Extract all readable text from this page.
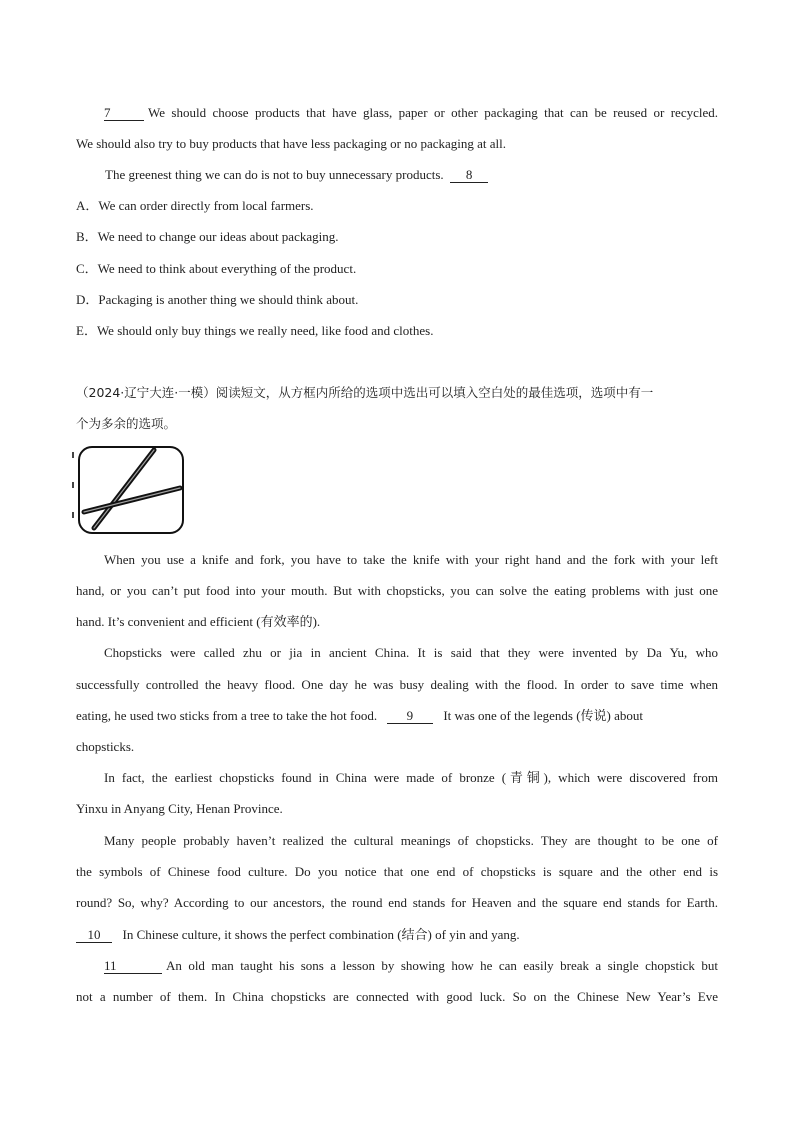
7	We should choose products that have glass, paper or other packaging that can be reused or recycled.
We should also try to buy products that have less packaging or no packaging at all.
The greenest thing we can do is not to buy unnecessary products. 8
A．We can order directly from local farmers.
B．We need to change our ideas about packaging.
C．We need to think about everything of the product.
D．Packaging is another thing we should think about.
E．We should only buy things we really need, like food and clothes.
（2024·辽宁大连·一模）阅读短文，从方框内所给的选项中选出可以填入空白处的最佳选项，选项中有一
个为多余的选项。
When you use a knife and fork, you have to take the knife with your right hand and the fork with your left
hand, or you can’t put food into your mouth. But with chopsticks, you can solve the eating problems with just one
hand. It’s convenient and efficient (有效率的).
Chopsticks were called zhu or jia in ancient China. It is said that they were invented by Da Yu, who
successfully controlled the heavy flood. One day he was busy dealing with the flood. In order to save time when
eating, he used two sticks from a tree to take the hot food. 9 It was one of the legends (传说) about
chopsticks.
In fact, the earliest chopsticks found in China were made of bronze (青铜), which were discovered from
Yinxu in Anyang City, Henan Province.
Many people probably haven’t realized the cultural meanings of chopsticks. They are thought to be one of
the symbols of Chinese food culture. Do you notice that one end of chopsticks is square and the other end is
round? So, why? According to our ancestors, the round end stands for Heaven and the square end stands for Earth.
10 In Chinese culture, it shows the perfect combination (结合) of yin and yang.
11	An old man taught his sons a lesson by showing how he can easily break a single chopstick but
not a number of them. In China chopsticks are connected with good luck. So on the Chinese New Year’s Eve
